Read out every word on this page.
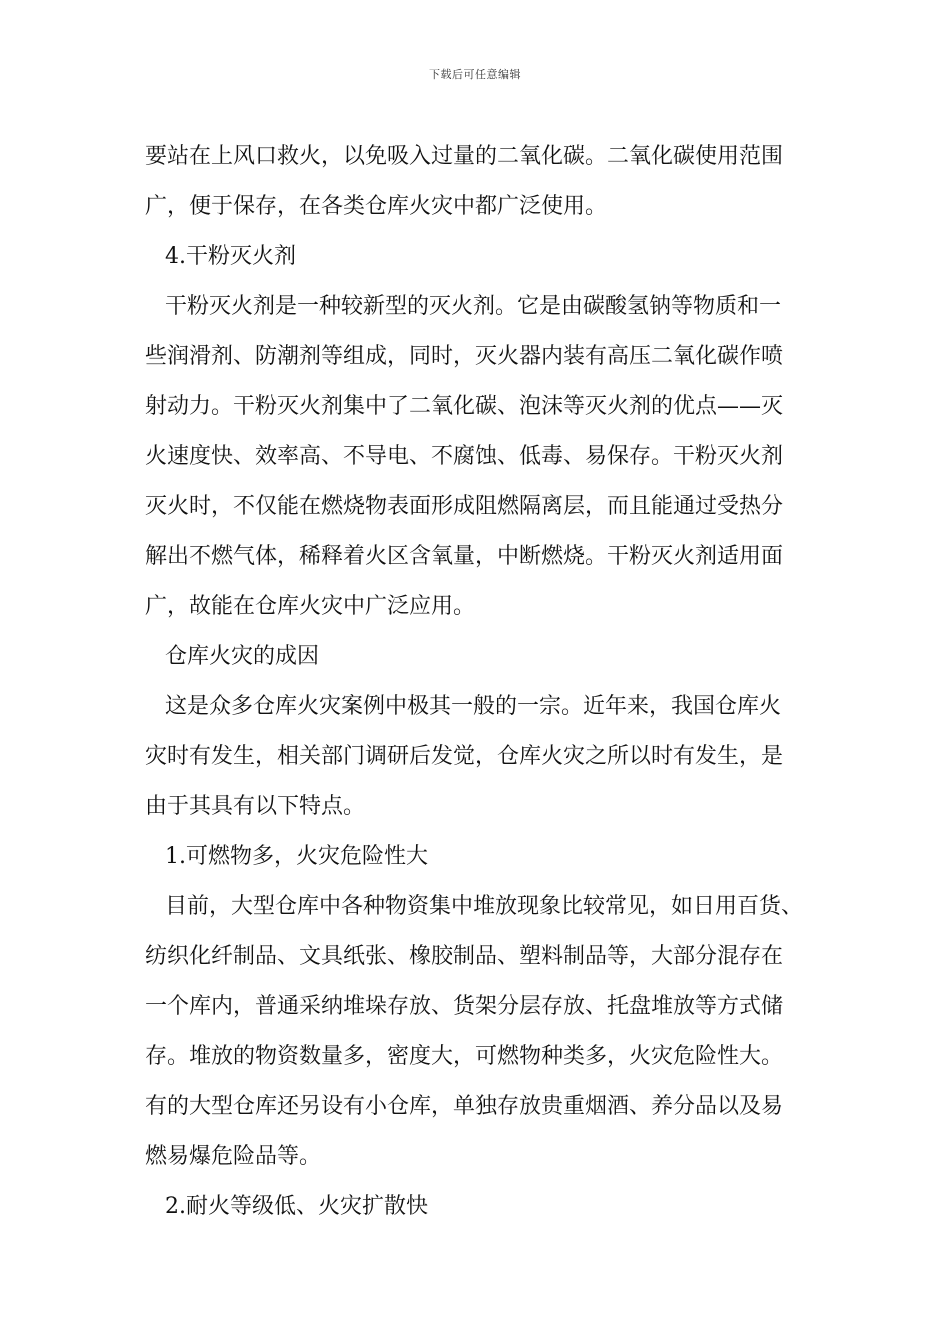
下载后可任意编辑
要站在上风口救火，以免吸入过量的二氧化碳。二氧化碳使用范围
广，便于保存，在各类仓库火灾中都广泛使用。
4.干粉灭火剂
干粉灭火剂是一种较新型的灭火剂。它是由碳酸氢钠等物质和一
些润滑剂、防潮剂等组成，同时，灭火器内装有高压二氧化碳作喷
射动力。干粉灭火剂集中了二氧化碳、泡沫等灭火剂的优点——灭
火速度快、效率高、不导电、不腐蚀、低毒、易保存。干粉灭火剂
灭火时，不仅能在燃烧物表面形成阻燃隔离层，而且能通过受热分
解出不燃气体，稀释着火区含氧量，中断燃烧。干粉灭火剂适用面
广，故能在仓库火灾中广泛应用。
仓库火灾的成因
这是众多仓库火灾案例中极其一般的一宗。近年来，我国仓库火
灾时有发生，相关部门调研后发觉，仓库火灾之所以时有发生，是
由于其具有以下特点。
1.可燃物多，火灾危险性大
目前，大型仓库中各种物资集中堆放现象比较常见，如日用百货、
纺织化纤制品、文具纸张、橡胶制品、塑料制品等，大部分混存在
一个库内，普通采纳堆垛存放、货架分层存放、托盘堆放等方式储
存。堆放的物资数量多，密度大，可燃物种类多，火灾危险性大。
有的大型仓库还另设有小仓库，单独存放贵重烟酒、养分品以及易
燃易爆危险品等。
2.耐火等级低、火灾扩散快
